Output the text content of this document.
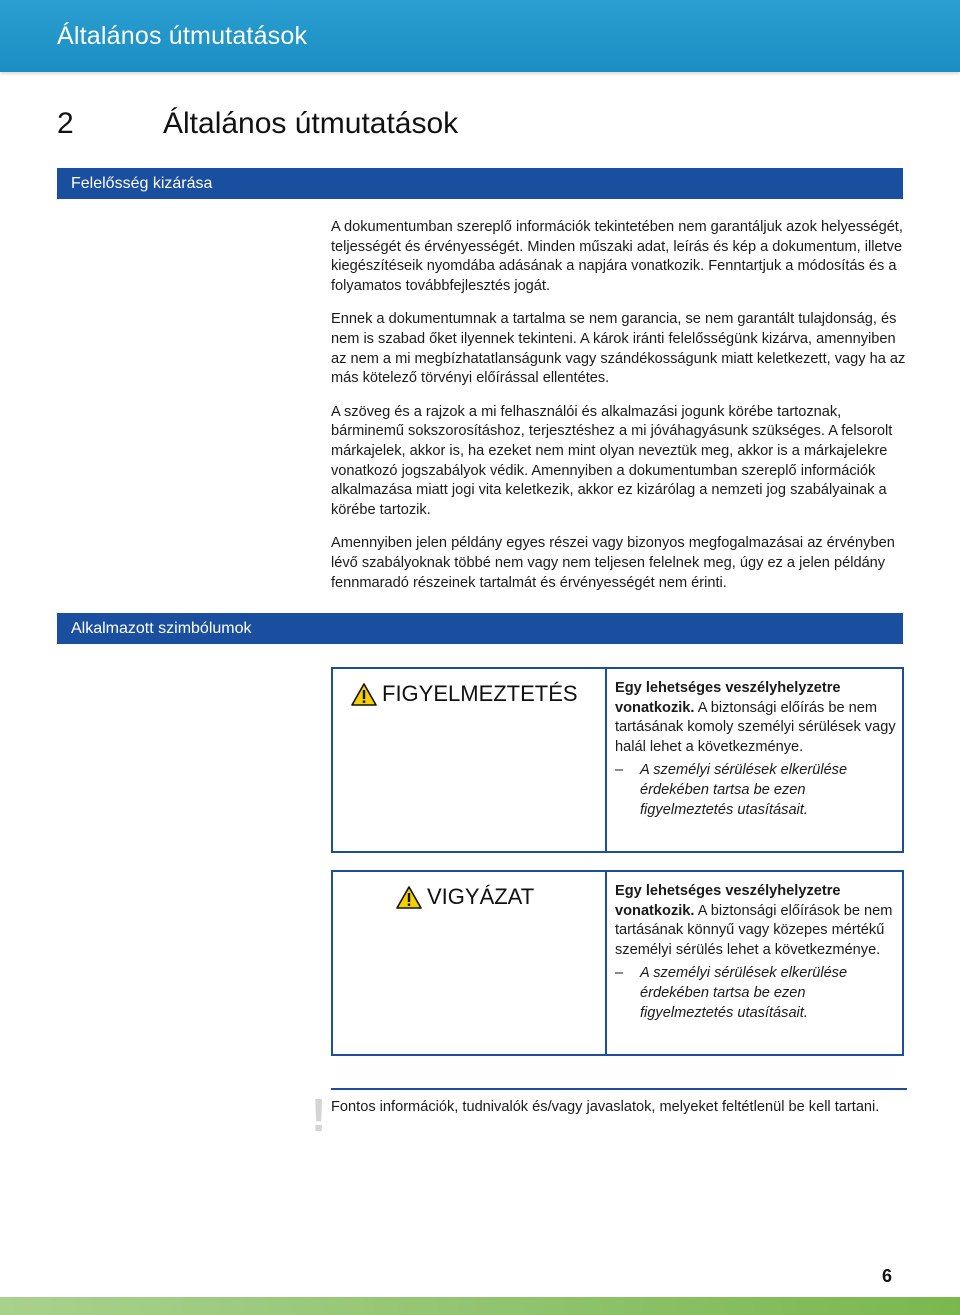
Általános útmutatások
2	Általános útmutatások
Felelősség kizárása

A dokumentumban szereplő információk tekintetében nem garantáljuk azok helyességét, teljességét és érvényességét. Minden műszaki adat, leírás és kép a dokumentum, illetve kiegészítéseik nyomdába adásának a napjára vonatkozik. Fenntartjuk a módosítás és a folyamatos továbbfejlesztés jogát.

Ennek a dokumentumnak a tartalma se nem garancia, se nem garantált tulajdonság, és nem is szabad őket ilyennek tekinteni. A károk iránti felelősségünk kizárva, amennyiben az nem a mi megbízhatatlanságunk vagy szándékosságunk miatt keletkezett, vagy ha az más kötelező törvényi előírással ellentétes.

A szöveg és a rajzok a mi felhasználói és alkalmazási jogunk körébe tartoznak, bárminemű sokszorosításhoz, terjesztéshez a mi jóváhagyásunk szükséges. A felsorolt márkajelek, akkor is, ha ezeket nem mint olyan neveztük meg, akkor is a márkajelekre vonatkozó jogszabályok védik. Amennyiben a dokumentumban szereplő információk alkalmazása miatt jogi vita keletkezik, akkor ez kizárólag a nemzeti jog szabályainak a körébe tartozik.

Amennyiben jelen példány egyes részei vagy bizonyos megfogalmazásai az érvényben lévő szabályoknak többé nem vagy nem teljesen felelnek meg, úgy ez a jelen példány fennmaradó részeinek tartalmát és érvényességét nem érinti.

Alkalmazott szimbólumok
FIGYELMEZTETÉS	Egy lehetséges veszélyhelyzetre vonatkozik. A biztonsági előírás be nem tartásának komoly személyi sérülések vagy halál lehet a következménye.
– A személyi sérülések elkerülése érdekében tartsa be ezen figyelmeztetés utasításait.
VIGYÁZAT	Egy lehetséges veszélyhelyzetre vonatkozik. A biztonsági előírások be nem tartásának könnyű vagy közepes mértékű személyi sérülés lehet a következménye.
– A személyi sérülések elkerülése érdekében tartsa be ezen figyelmeztetés utasításait.
! Fontos információk, tudnivalók és/vagy javaslatok, melyeket feltétlenül be kell tartani.
6
